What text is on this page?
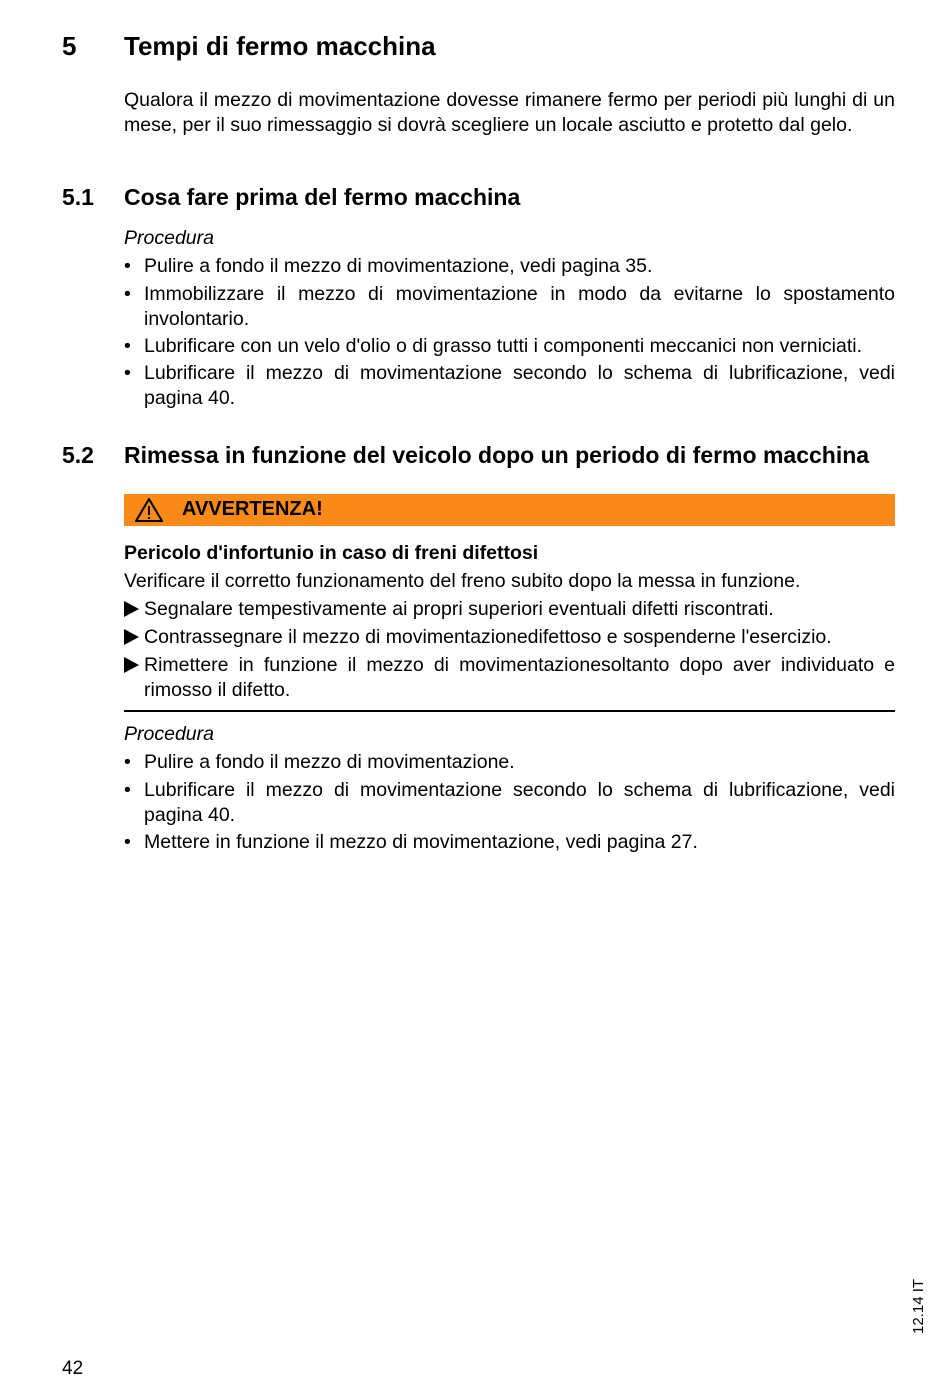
5 Tempi di fermo macchina
Qualora il mezzo di movimentazione dovesse rimanere fermo per periodi più lunghi di un mese, per il suo rimessaggio si dovrà scegliere un locale asciutto e protetto dal gelo.
5.1 Cosa fare prima del fermo macchina
Procedura
• Pulire a fondo il mezzo di movimentazione, vedi pagina 35.
• Immobilizzare il mezzo di movimentazione in modo da evitarne lo spostamento involontario.
• Lubrificare con un velo d'olio o di grasso tutti i componenti meccanici non verniciati.
• Lubrificare il mezzo di movimentazione secondo lo schema di lubrificazione, vedi pagina 40.
5.2 Rimessa in funzione del veicolo dopo un periodo di fermo macchina
AVVERTENZA!
Pericolo d'infortunio in caso di freni difettosi
Verificare il corretto funzionamento del freno subito dopo la messa in funzione.
Segnalare tempestivamente ai propri superiori eventuali difetti riscontrati.
Contrassegnare il mezzo di movimentazionedifettoso e sospenderne l'esercizio.
Rimettere in funzione il mezzo di movimentazionesoltanto dopo aver individuato e rimosso il difetto.
Procedura
• Pulire a fondo il mezzo di movimentazione.
• Lubrificare il mezzo di movimentazione secondo lo schema di lubrificazione, vedi pagina 40.
• Mettere in funzione il mezzo di movimentazione, vedi pagina 27.
42
12.14 IT
